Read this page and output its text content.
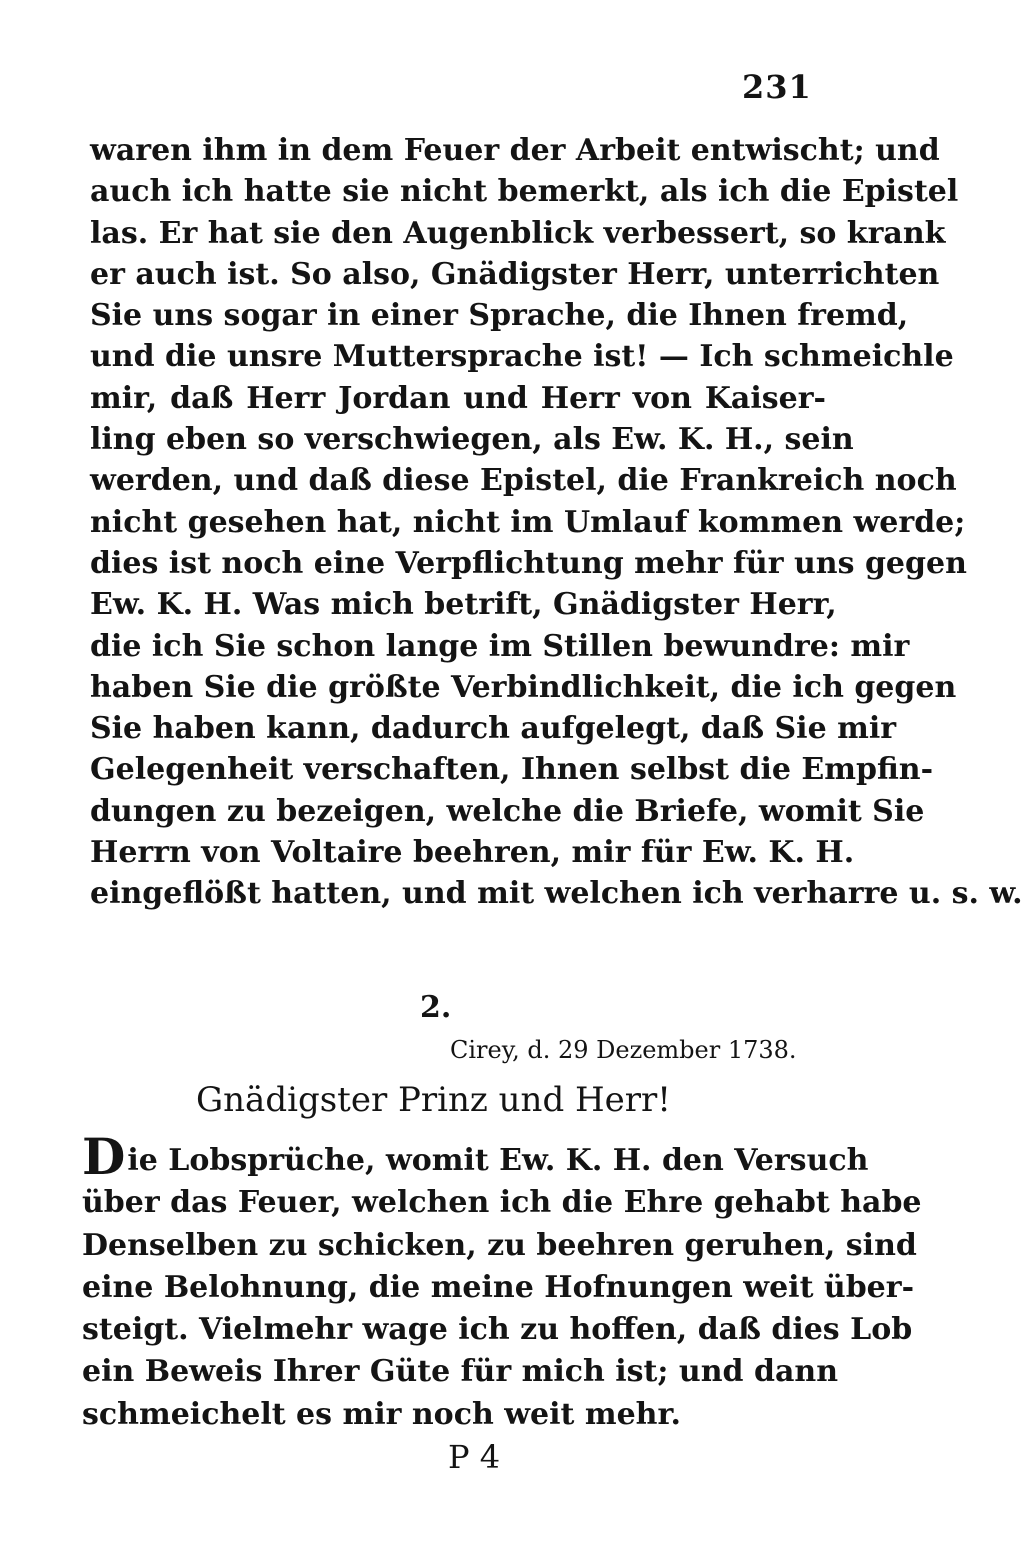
231
waren ihm in dem Feuer der Arbeit entwischt; und
auch ich hatte sie nicht bemerkt, als ich die Epistel
las. Er hat sie den Augenblick verbessert, so krank
er auch ist. So also, Gnädigster Herr, unterrichten
Sie uns sogar in einer Sprache, die Ihnen fremd,
und die unsre Muttersprache ist! — Ich schmeichle
mir, daß Herr Jordan und Herr von Kaiser-
ling eben so verschwiegen, als Ew. K. H., sein
werden, und daß diese Epistel, die Frankreich noch
nicht gesehen hat, nicht im Umlauf kommen werde;
dies ist noch eine Verpflichtung mehr für uns gegen
Ew. K. H. Was mich betrift, Gnädigster Herr,
die ich Sie schon lange im Stillen bewundre: mir
haben Sie die größte Verbindlichkeit, die ich gegen
Sie haben kann, dadurch aufgelegt, daß Sie mir
Gelegenheit verschaften, Ihnen selbst die Empfin-
dungen zu bezeigen, welche die Briefe, womit Sie
Herrn von Voltaire beehren, mir für Ew. K. H.
eingeflößt hatten, und mit welchen ich verharre u. s. w.
2.
Cirey, d. 29 Dezember 1738.
Gnädigster Prinz und Herr!
Die Lobsprüche, womit Ew. K. H. den Versuch
über das Feuer, welchen ich die Ehre gehabt habe
Denselben zu schicken, zu beehren geruhen, sind
eine Belohnung, die meine Hofnungen weit über-
steigt. Vielmehr wage ich zu hoffen, daß dies Lob
ein Beweis Ihrer Güte für mich ist; und dann
schmeichelt es mir noch weit mehr.
P 4
